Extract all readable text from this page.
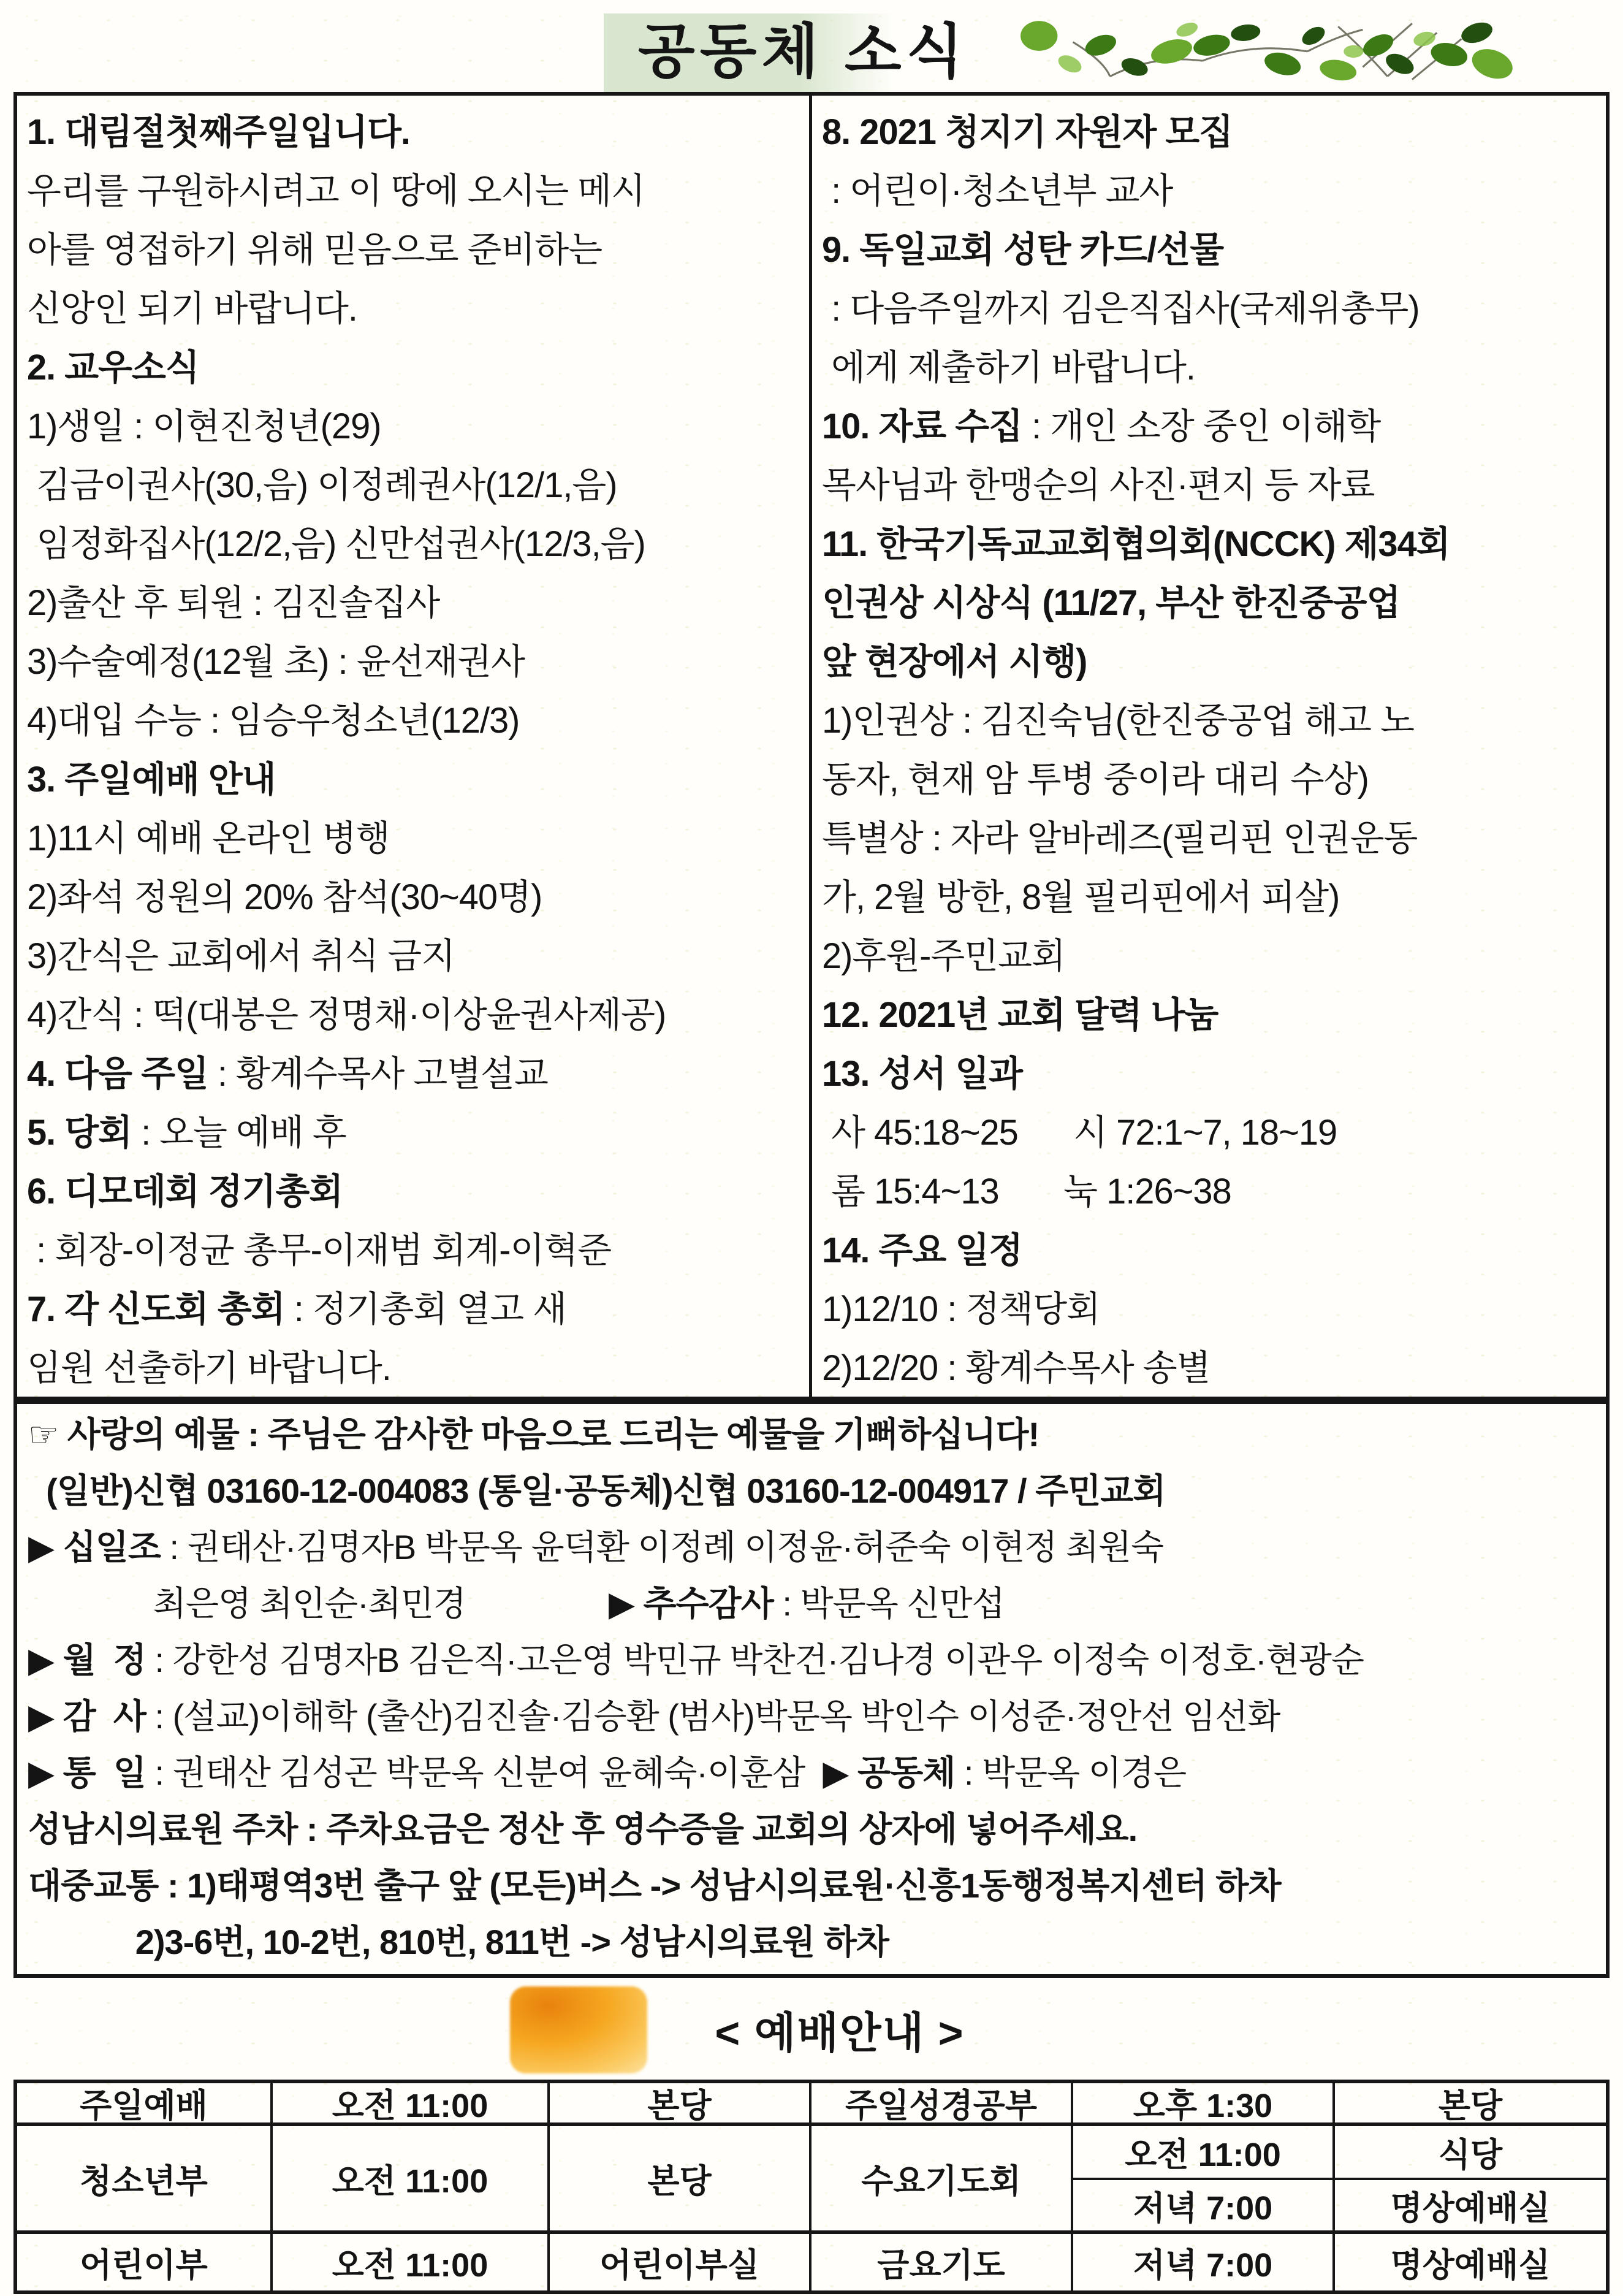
공동체 소식
1. 대림절첫째주일입니다.
우리를 구원하시려고 이 땅에 오시는 메시
아를 영접하기 위해 믿음으로 준비하는
신앙인 되기 바랍니다.
2. 교우소식
1)생일 : 이현진청년(29)
김금이권사(30,음) 이정례권사(12/1,음)
임정화집사(12/2,음) 신만섭권사(12/3,음)
2)출산 후 퇴원 : 김진솔집사
3)수술예정(12월 초) : 윤선재권사
4)대입 수능 : 임승우청소년(12/3)
3. 주일예배 안내
1)11시 예배 온라인 병행
2)좌석 정원의 20% 참석(30~40명)
3)간식은 교회에서 취식 금지
4)간식 : 떡(대봉은 정명채·이상윤권사제공)
4. 다음 주일 : 황계수목사 고별설교
5. 당회 : 오늘 예배 후
6. 디모데회 정기총회
: 회장-이정균 총무-이재범 회계-이혁준
7. 각 신도회 총회 : 정기총회 열고 새
임원 선출하기 바랍니다.
8. 2021 청지기 자원자 모집
: 어린이·청소년부 교사
9. 독일교회 성탄 카드/선물
: 다음주일까지 김은직집사(국제위총무)
에게 제출하기 바랍니다.
10. 자료 수집 : 개인 소장 중인 이해학
목사님과 한맹순의 사진·편지 등 자료
11. 한국기독교교회협의회(NCCK) 제34회
인권상 시상식 (11/27, 부산 한진중공업
앞 현장에서 시행)
1)인권상 : 김진숙님(한진중공업 해고 노
동자, 현재 암 투병 중이라 대리 수상)
특별상 : 자라 알바레즈(필리핀 인권운동
가, 2월 방한, 8월 필리핀에서 피살)
2)후원-주민교회
12. 2021년 교회 달력 나눔
13. 성서 일과
사 45:18~25      시 72:1~7, 18~19
롬 15:4~13       눅 1:26~38
14. 주요 일정
1)12/10 : 정책당회
2)12/20 : 황계수목사 송별
☞ 사랑의 예물 : 주님은 감사한 마음으로 드리는 예물을 기뻐하십니다!
(일반)신협 03160-12-004083 (통일·공동체)신협 03160-12-004917 / 주민교회
▶ 십일조 : 권태산·김명자B 박문옥 윤덕환 이정례 이정윤·허준숙 이현정 최원숙
최은영 최인순·최민경                ▶ 추수감사 : 박문옥 신만섭
▶ 월  정 : 강한성 김명자B 김은직·고은영 박민규 박찬건·김나경 이관우 이정숙 이정호·현광순
▶ 감  사 : (설교)이해학 (출산)김진솔·김승환 (범사)박문옥 박인수 이성준·정안선 임선화
▶ 통  일 : 권태산 김성곤 박문옥 신분여 윤혜숙·이훈삼  ▶ 공동체 : 박문옥 이경은
성남시의료원 주차 : 주차요금은 정산 후 영수증을 교회의 상자에 넣어주세요.
대중교통 : 1)태평역3번 출구 앞 (모든)버스 -> 성남시의료원·신흥1동행정복지센터 하차
2)3-6번, 10-2번, 810번, 811번 -> 성남시의료원 하차
< 예배안내 >
주일예배	오전 11:00	본당	주일성경공부	오후 1:30	본당
청소년부	오전 11:00	본당	수요기도회
오전 11:00	식당
저녁 7:00	명상예배실
어린이부	오전 11:00	어린이부실	금요기도	저녁 7:00	명상예배실
